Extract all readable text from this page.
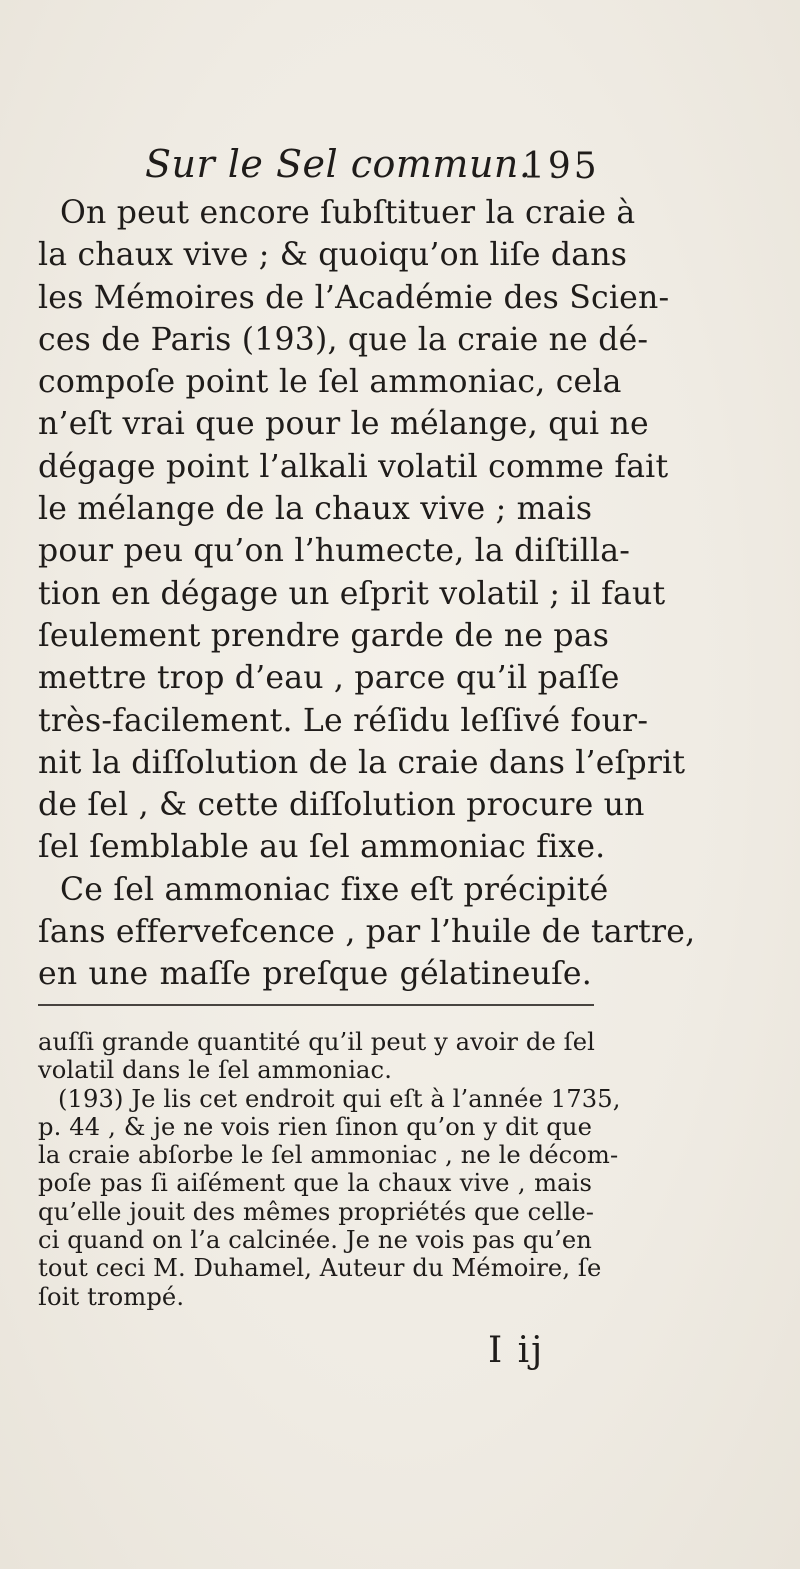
Sur le Sel commun.
195
On peut encore ſubſtituer la craie à
la chaux vive ; & quoiqu’on liſe dans
les Mémoires de l’Académie des Scien-
ces de Paris (193), que la craie ne dé-
compoſe point le ſel ammoniac, cela
n’eſt vrai que pour le mélange, qui ne
dégage point l’alkali volatil comme fait
le mélange de la chaux vive ; mais
pour peu qu’on l’humecte, la diſtilla-
tion en dégage un eſprit volatil ; il faut
ſeulement prendre garde de ne pas
mettre trop d’eau , parce qu’il paſſe
très-facilement. Le réſidu leſſivé four-
nit la diſſolution de la craie dans l’eſprit
de ſel , & cette diſſolution procure un
ſel ſemblable au ſel ammoniac fixe.
Ce ſel ammoniac fixe eſt précipité
ſans effervefcence , par l’huile de tartre,
en une maſſe preſque gélatineuſe.
auſſi grande quantité qu’il peut y avoir de ſel
volatil dans le ſel ammoniac.
(193) Je lis cet endroit qui eſt à l’année 1735,
p. 44 , & je ne vois rien ſinon qu’on y dit que
la craie abſorbe le ſel ammoniac , ne le décom-
poſe pas ſi aiſément que la chaux vive , mais
qu’elle jouit des mêmes propriétés que celle-
ci quand on l’a calcinée. Je ne vois pas qu’en
tout ceci M. Duhamel, Auteur du Mémoire, ſe
ſoit trompé.
I ij
